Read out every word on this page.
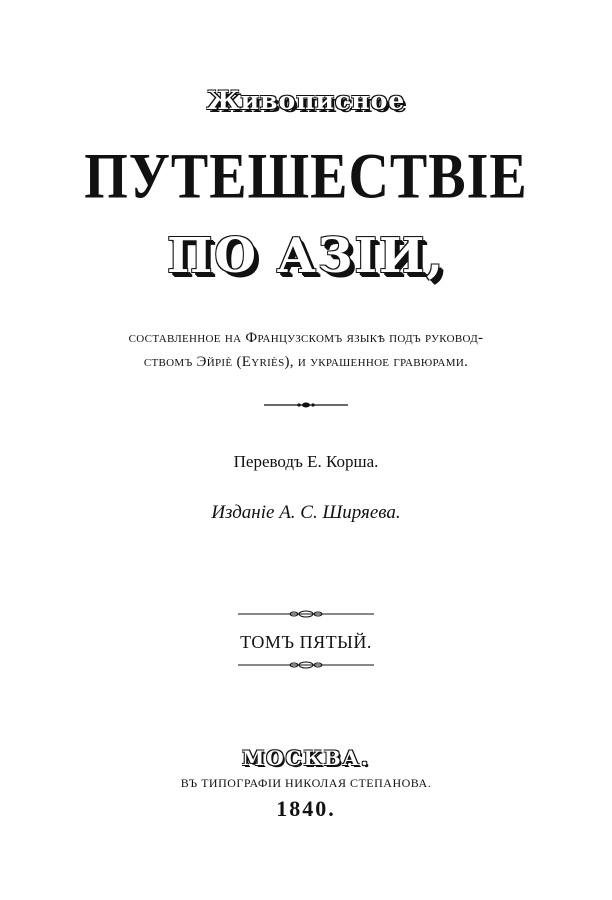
Живописное
ПУТЕШЕСТВІЕ
ПО АЗІИ,
составленное на Французскомъ языкѣ подъ руковод-
ствомъ Эйріѐ (Eyriès), и украшенное гравюрами.
Переводъ Е. Корша.
Изданіе А. С. Ширяева.
ТОМЪ ПЯТЫЙ.
МОСКВА.
ВЪ ТИПОГРАФІИ НИКОЛАЯ СТЕПАНОВА.
1840.
